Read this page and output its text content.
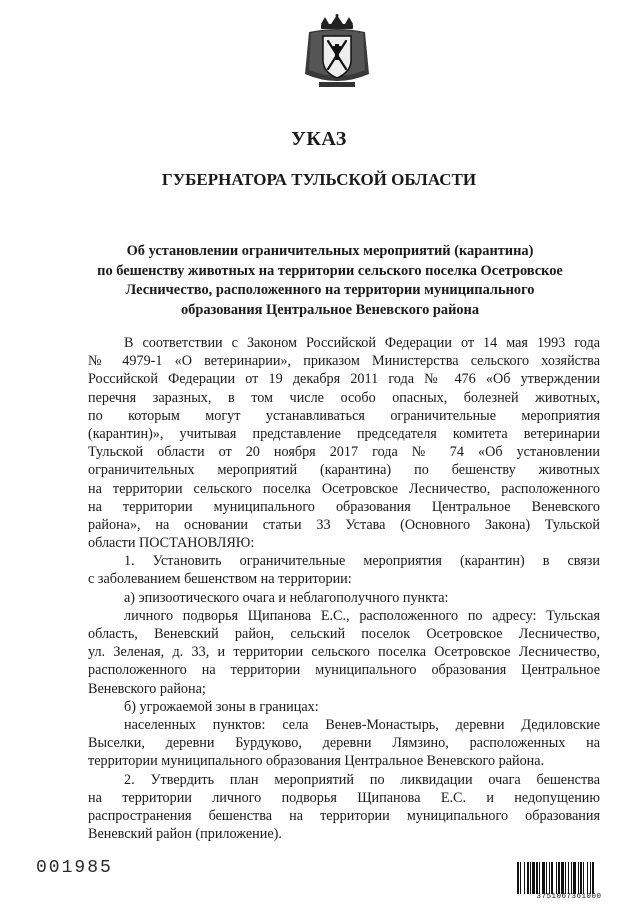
УКАЗ
ГУБЕРНАТОРА ТУЛЬСКОЙ ОБЛАСТИ
Об установлении ограничительных мероприятий (карантина)
по бешенству животных на территории сельского поселка Осетровское
Лесничество, расположенного на территории муниципального
образования Центральное Веневского района
В соответствии с Законом Российской Федерации от 14 мая 1993 года
№ 4979-1 «О ветеринарии», приказом Министерства сельского хозяйства
Российской Федерации от 19 декабря 2011 года № 476 «Об утверждении
перечня заразных, в том числе особо опасных, болезней животных,
по которым могут устанавливаться ограничительные мероприятия
(карантин)», учитывая представление председателя комитета ветеринарии
Тульской области от 20 ноября 2017 года № 74 «Об установлении
ограничительных мероприятий (карантина) по бешенству животных
на территории сельского поселка Осетровское Лесничество, расположенного
на территории муниципального образования Центральное Веневского
района», на основании статьи 33 Устава (Основного Закона) Тульской
области ПОСТАНОВЛЯЮ:
1. Установить ограничительные мероприятия (карантин) в связи
с заболеванием бешенством на территории:
а) эпизоотического очага и неблагополучного пункта:
личного подворья Щипанова Е.С., расположенного по адресу: Тульская
область, Веневский район, сельский поселок Осетровское Лесничество,
ул. Зеленая, д. 33, и территории сельского поселка Осетровское Лесничество,
расположенного на территории муниципального образования Центральное
Веневского района;
б) угрожаемой зоны в границах:
населенных пунктов: села Венев-Монастырь, деревни Дедиловские
Выселки, деревни Бурдуково, деревни Лямзино, расположенных на
территории муниципального образования Центральное Веневского района.
2. Утвердить план мероприятий по ликвидации очага бешенства
на территории личного подворья Щипанова Е.С. и недопущению
распространения бешенства на территории муниципального образования
Веневский район (приложение).
001985
3751067361000
